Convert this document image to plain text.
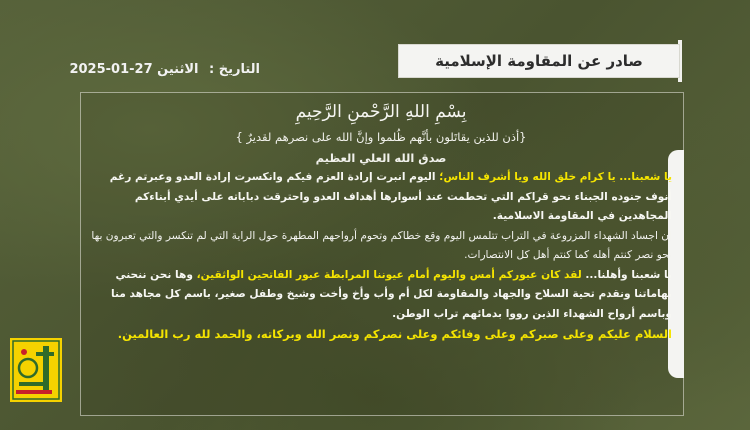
صادر عن المقاومة الإسلامية
التاريخ : الاثنين 27-01-2025
بِسْمِ اللهِ الرَّحْمنِ الرَّحِيمِ
{أذن للذين يقاتَلون بأنَّهم ظُلموا وإنَّ الله على نصرهم لقديرٌ }
صدق الله العلي العظيم

يا شعبنا... يا كرام خلق الله ويا أشرف الناس؛ اليوم انبرت إرادة العزم فيكم وانكسرت إرادة العدو وعبرتم رغم أنوف جنوده الجبناء نحو قراكم التي تحطمت عند أسوارها أهداف العدو واحترقت دباباته على أيدي أبناءكم المجاهدين في المقاومة الاسلامية.

إن اجساد الشهداء المزروعة في التراب تتلمس اليوم وقع خطاكم وتحوم أرواحهم المطهرة حول الراية التي لم تنكسر والتي تعبرون بها نحو نصر كنتم أهله كما كنتم أهل كل الانتصارات.

يا شعبنا وأهلنا... لقد كان عبوركم أمس واليوم أمام عيوننا المرابطة عبور الفاتحين الواثقين، وها نحن ننحني بهاماتنا ونقدم تحية السلاح والجهاد والمقاومة لكل أم وأب وأخ وأخت وشيخ وطفل صغير، باسم كل مجاهد منا وباسم أرواح الشهداء الذين رووا بدمائهم تراب الوطن.

السلام عليكم وعلى صبركم وعلى وفائكم وعلى نصركم ونصر الله وبركاته، والحمد لله رب العالمين.
